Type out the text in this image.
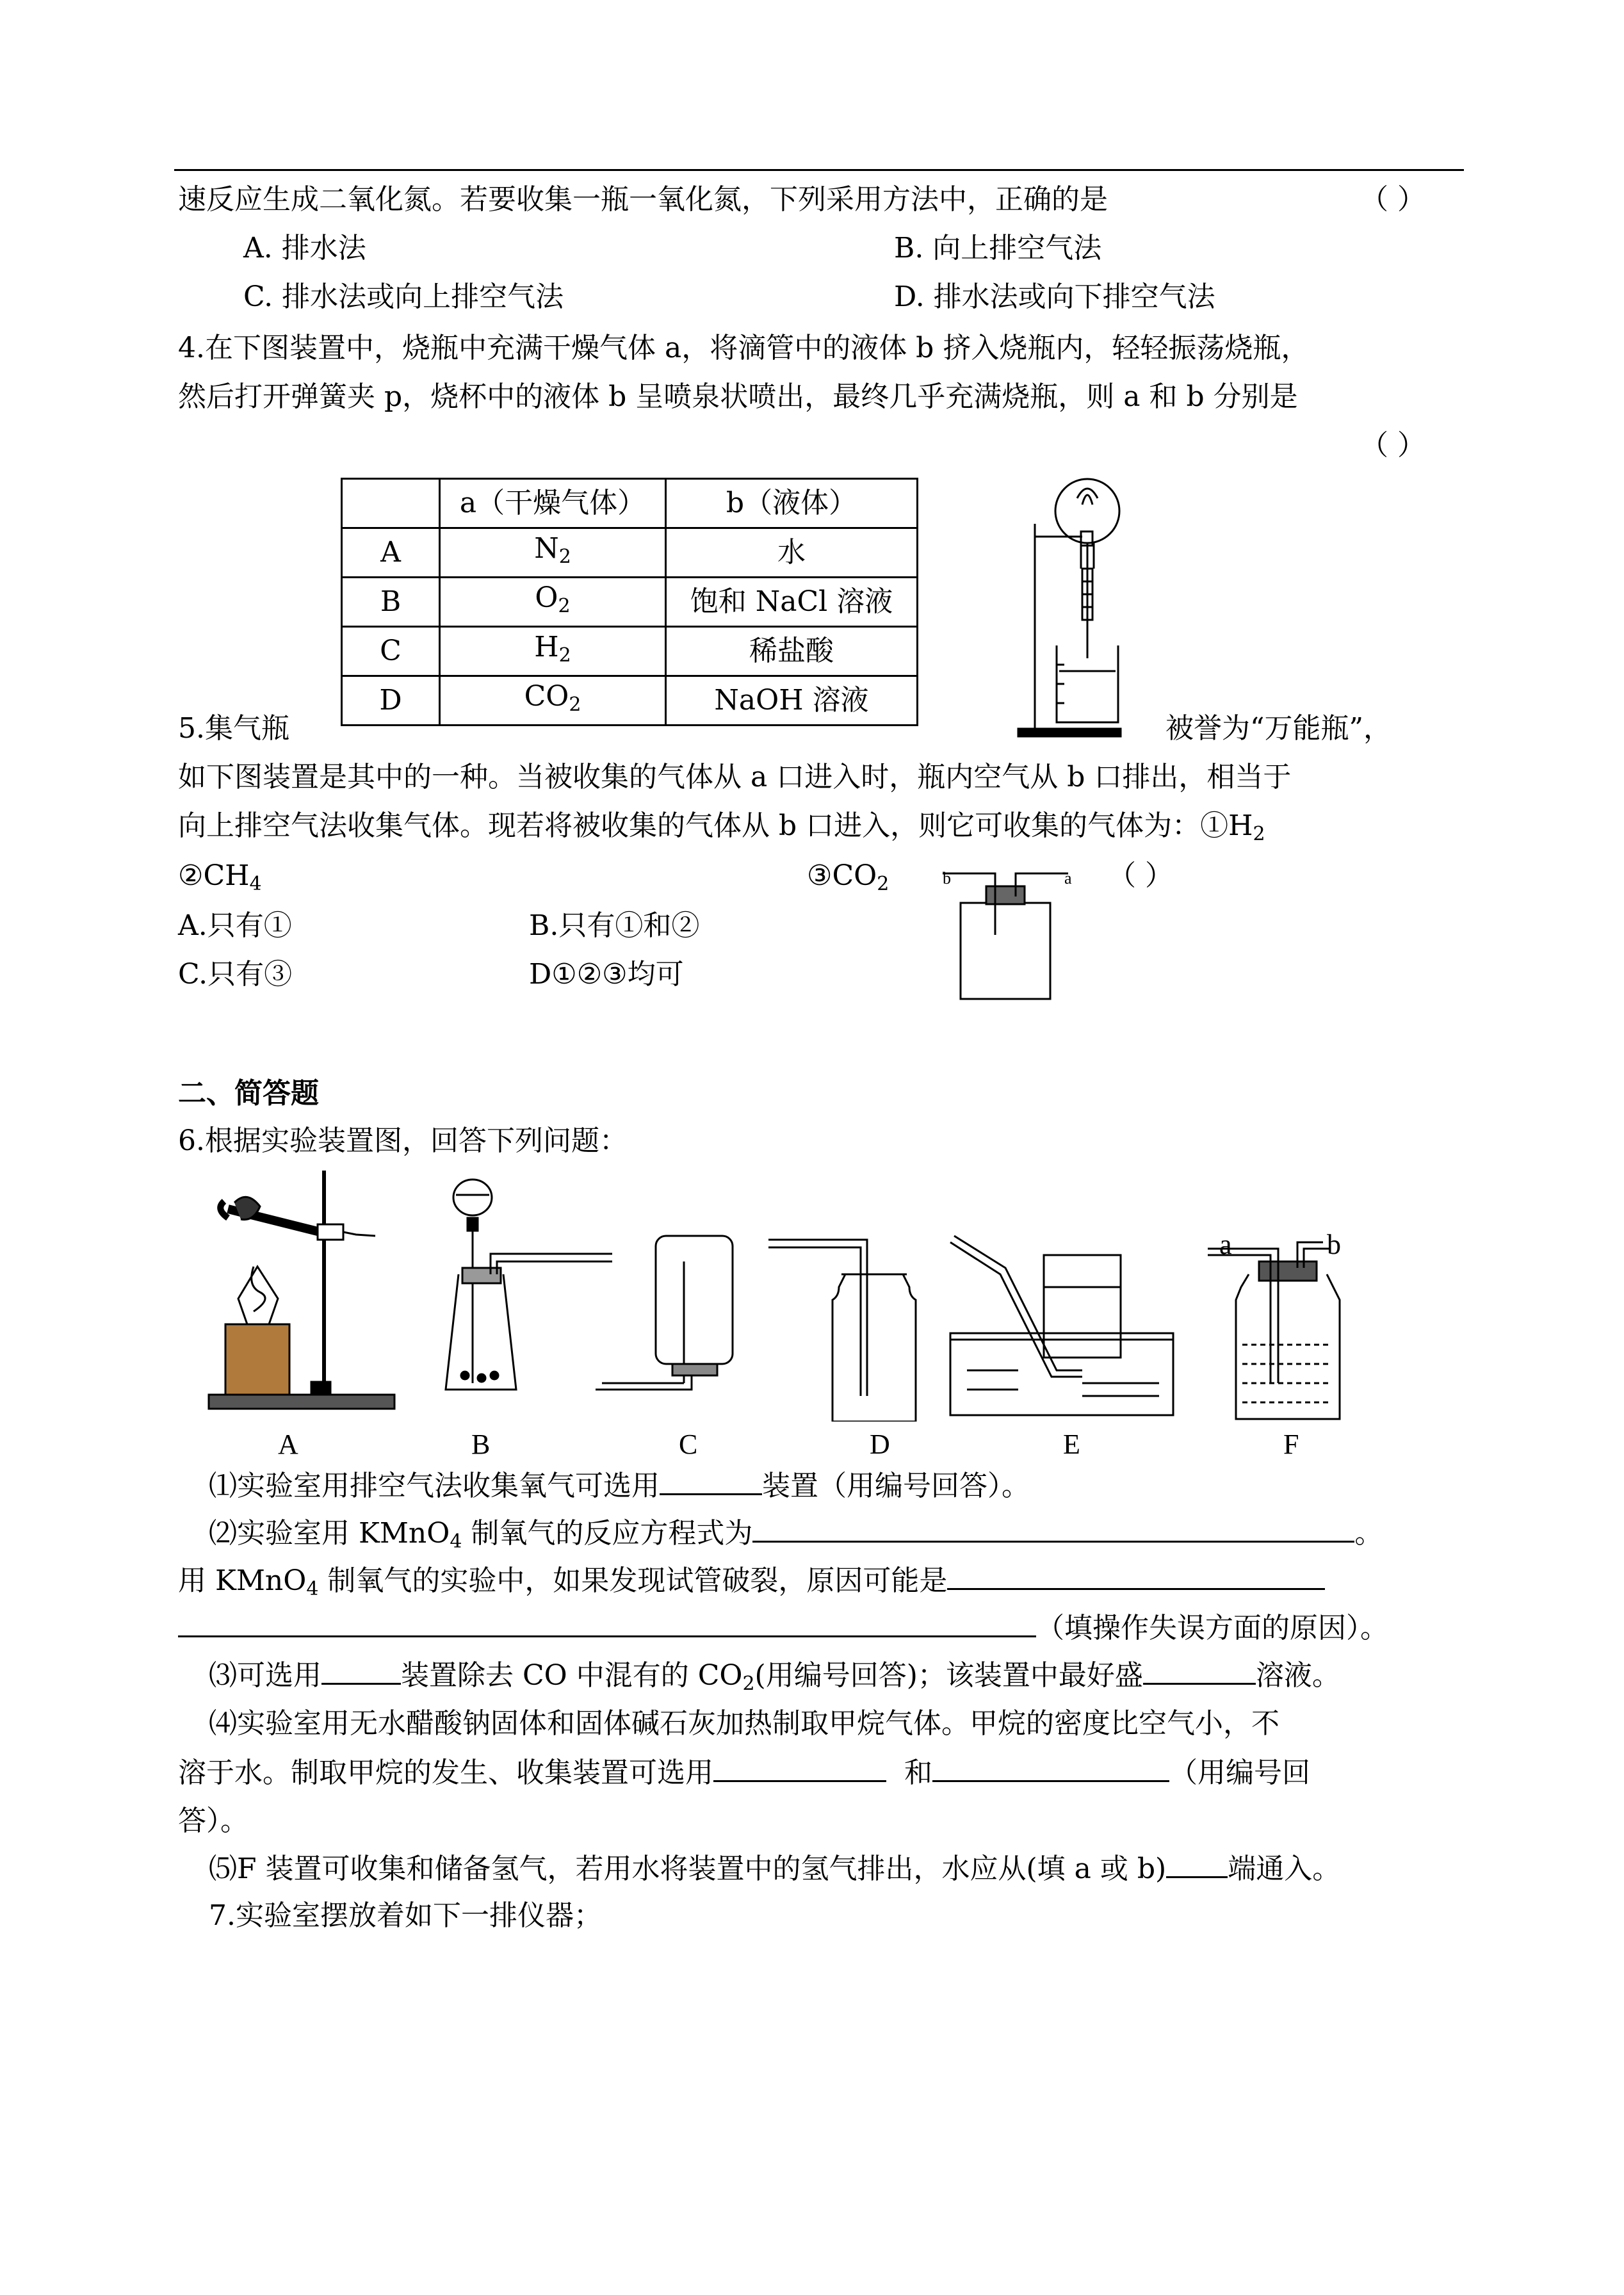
速反应生成二氧化氮。若要收集一瓶一氧化氮，下列采用方法中，正确的是	（ ）
A. 排水法	B. 向上排空气法
C. 排水法或向上排空气法	D. 排水法或向下排空气法
4.在下图装置中，烧瓶中充满干燥气体 a，将滴管中的液体 b 挤入烧瓶内，轻轻振荡烧瓶，
然后打开弹簧夹 p，烧杯中的液体 b 呈喷泉状喷出，最终几乎充满烧瓶，则 a 和 b 分别是
（ ）
	a（干燥气体）	b（液体）
A	$N_2$	水
B	$O_2$	饱和 NaCl 溶液
C	$H_2$	稀盐酸
D	$CO_2$	NaOH 溶液
5.集气瓶	被誉为“万能瓶”，
如下图装置是其中的一种。当被收集的气体从 a 口进入时，瓶内空气从 b 口排出，相当于
向上排空气法收集气体。现若将被收集的气体从 b 口进入，则它可收集的气体为：$①H_2$
$②CH_4$	$③CO_2$	（ ）
b	a
A.只有①	B.只有①和②
C.只有③	D①②③均可
二、简答题
6.根据实验装置图，回答下列问题：
a	b
A	B	C	D	E	F
⑴实验室用排空气法收集氧气可选用	装置（用编号回答）。
⑵实验室用 KMnO$_4$ 制氧气的反应方程式为	。
用 KMnO$_4$ 制氧气的实验中，如果发现试管破裂，原因可能是
（填操作失误方面的原因）。
⑶可选用	装置除去 CO 中混有的 $CO_2$(用编号回答)；该装置中最好盛	溶液。
⑷实验室用无水醋酸钠固体和固体碱石灰加热制取甲烷气体。甲烷的密度比空气小，不
溶于水。制取甲烷的发生、收集装置可选用	和	（用编号回
答）。
⑸F 装置可收集和储备氢气，若用水将装置中的氢气排出，水应从(填 a 或 b) 端通入。
7.实验室摆放着如下一排仪器；
